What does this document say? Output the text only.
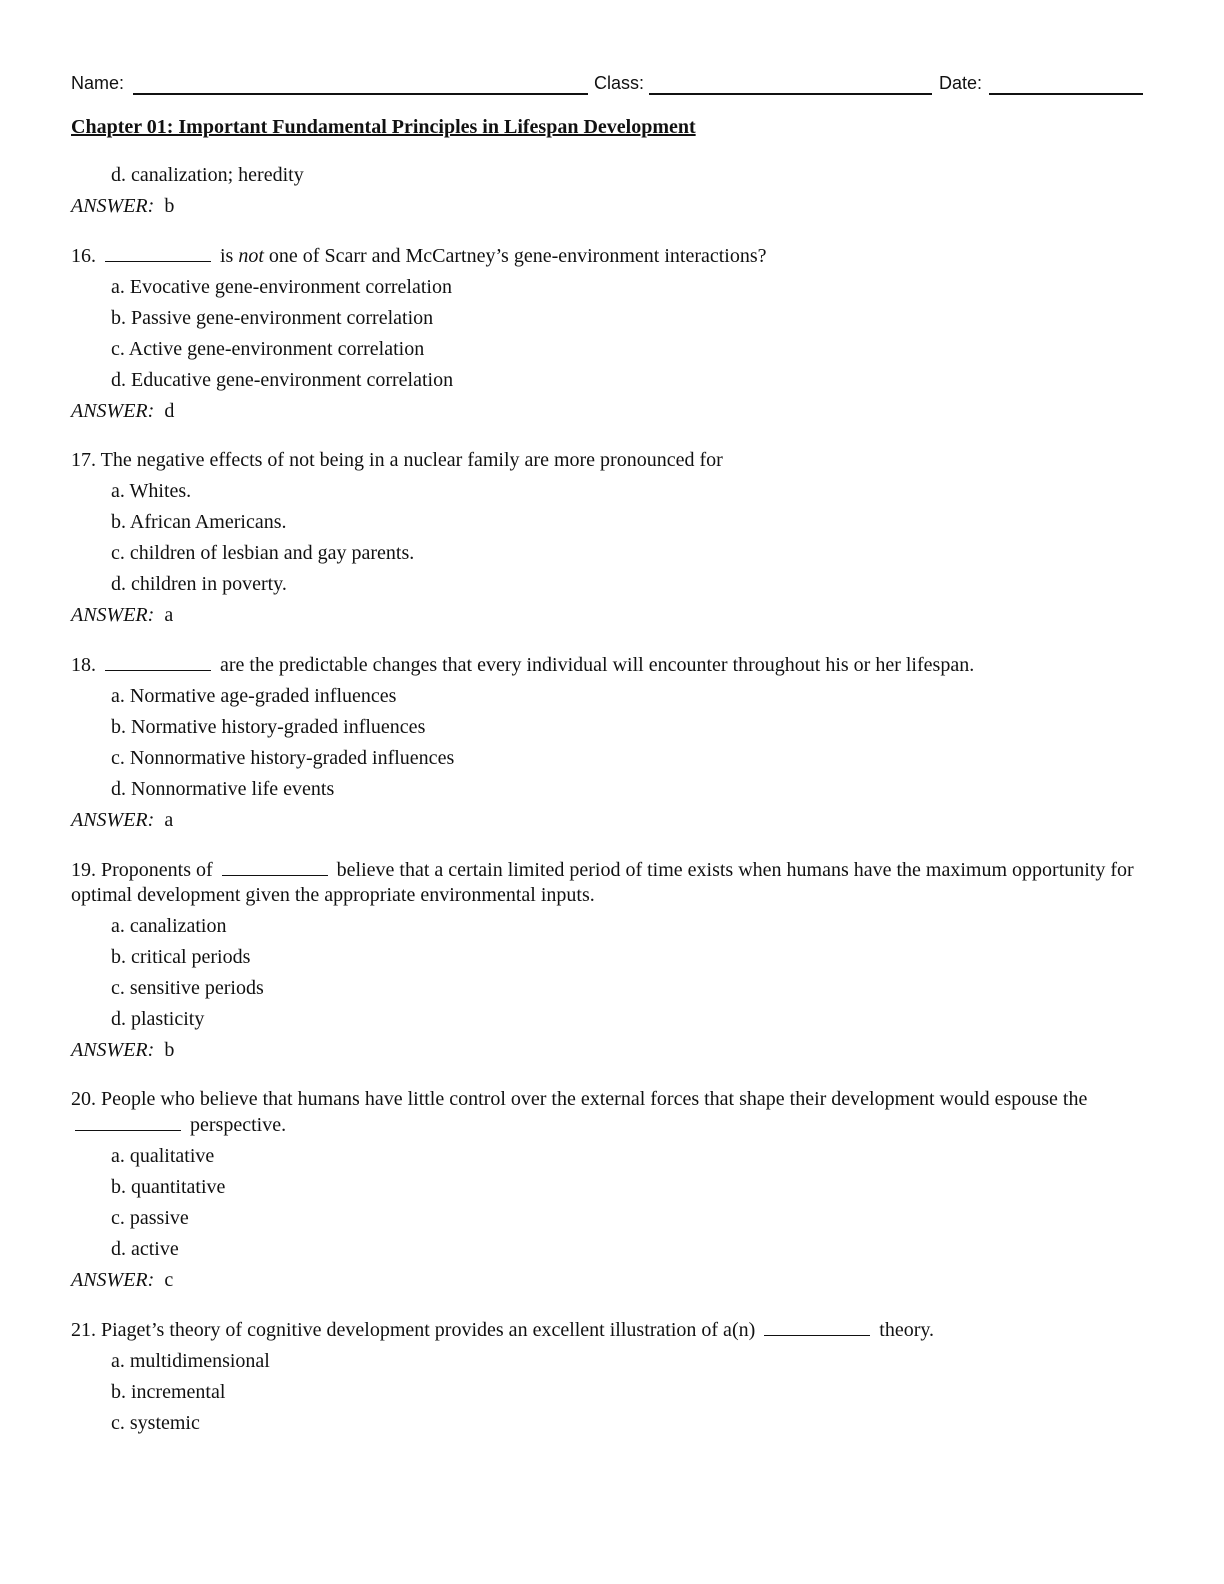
Name:	Class:	Date:
Chapter 01: Important Fundamental Principles in Lifespan Development
d. canalization; heredity
ANSWER: b
16.	is not one of Scarr and McCartney’s gene-environment interactions?
a. Evocative gene-environment correlation
b. Passive gene-environment correlation
c. Active gene-environment correlation
d. Educative gene-environment correlation
ANSWER: d
17. The negative effects of not being in a nuclear family are more pronounced for
a. Whites.
b. African Americans.
c. children of lesbian and gay parents.
d. children in poverty.
ANSWER: a
18.	are the predictable changes that every individual will encounter throughout his or her lifespan.
a. Normative age-graded influences
b. Normative history-graded influences
c. Nonnormative history-graded influences
d. Nonnormative life events
ANSWER: a
19. Proponents of	believe that a certain limited period of time exists when humans have the maximum opportunity for optimal development given the appropriate environmental inputs.
a. canalization
b. critical periods
c. sensitive periods
d. plasticity
ANSWER: b
20. People who believe that humans have little control over the external forces that shape their development would espouse the  perspective.
a. qualitative
b. quantitative
c. passive
d. active
ANSWER: c
21. Piaget’s theory of cognitive development provides an excellent illustration of a(n)	theory.
a. multidimensional
b. incremental
c. systemic
